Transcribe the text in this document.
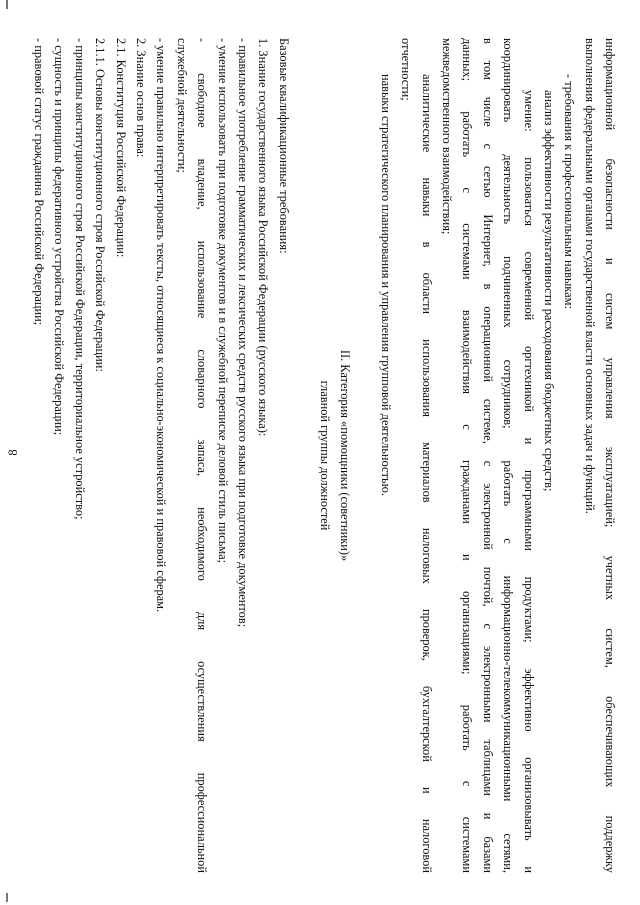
8	информационной безопасности и систем управления эксплуатацией; учетных систем, обеспечивающих поддержку
выполнения федеральными органами государственной власти основных задач и функций.
- требования к профессиональным навыкам:
анализ эффективности результативности расходования бюджетных средств;
умение: пользоваться современной оргтехникой и программными продуктами; эффективно организовывать и
координировать деятельность подчиненных сотрудников; работать с информационно-телекоммуникационными сетями,
в том числе с сетью Интернет, в операционной системе, с электронной почтой, с электронными таблицами и базами
данных; работать с системами взаимодействия с гражданами и организациями; работать с системами
межведомственного взаимодействия;
аналитические навыки в области использования материалов налоговых проверок, бухгалтерской и налоговой
отчетности;
навыки стратегического планирования и управления групповой деятельностью.
II. Категория «помощники (советники)»
главной группы должностей
Базовые квалификационные требования:
1. Знание государственного языка Российской Федерации (русского языка):
- правильное употребление грамматических и лексических средств русского языка при подготовке документов;
- умение использовать при подготовке документов и в служебной переписке деловой стиль письма;
- свободное владение, использование словарного запаса, необходимого для осуществления профессиональной
служебной деятельности;
- умение правильно интерпретировать тексты, относящиеся к социально-экономической и правовой сферам.
2. Знание основ права:
2.1. Конституция Российской Федерации:
2.1.1. Основы конституционного строя Российской Федерации:
- принципы конституционного строя Российской Федерации, территориальное устройство;
- сущность и принципы федеративного устройства Российской Федерации;
- правовой статус гражданина Российской Федерации;
